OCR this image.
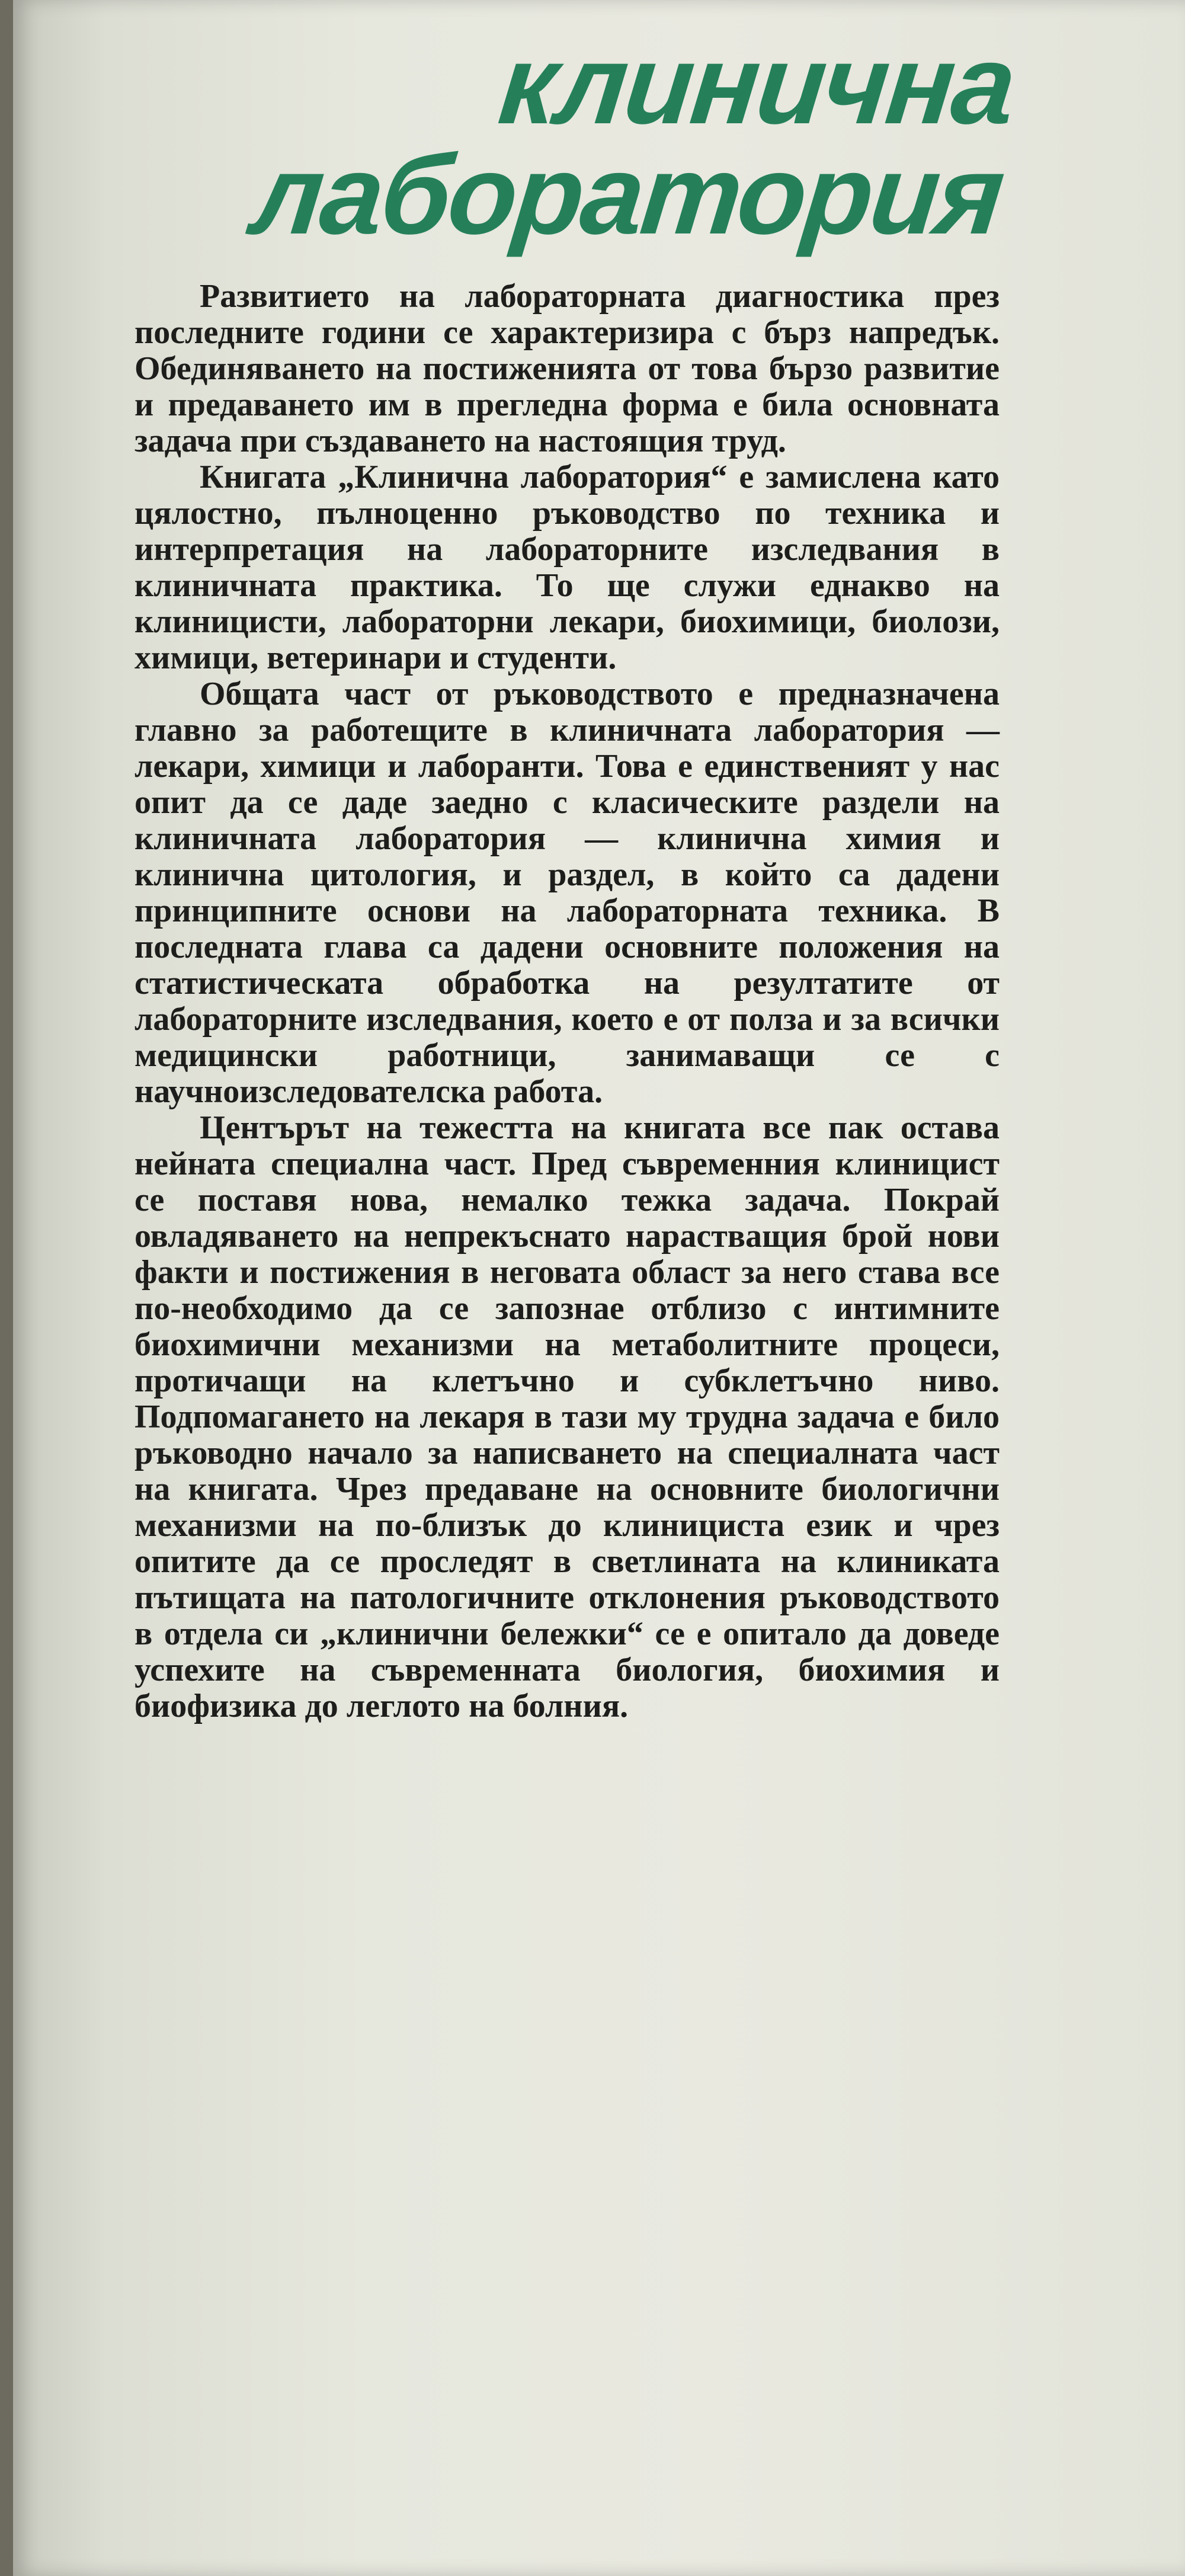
клинична
лаборатория

Развитието на лабораторната диагностика през последните години се характеризира с бърз напредък. Обединяването на постиженията от това бързо развитие и предаването им в прегледна форма е била основната задача при създаването на настоящия труд.

Книгата „Клинична лаборатория“ е замислена като цялостно, пълноценно ръководство по техника и интерпретация на лабораторните изследвания в клиничната практика. То ще служи еднакво на клиницисти, лабораторни лекари, биохимици, биолози, химици, ветеринари и студенти.

Общата част от ръководството е предназначена главно за работещите в клиничната лаборатория — лекари, химици и лаборанти. Това е единственият у нас опит да се даде заедно с класическите раздели на клиничната лаборатория — клинична химия и клинична цитология, и раздел, в който са дадени принципните основи на лабораторната техника. В последната глава са дадени основните положения на статистическата обработка на резултатите от лабораторните изследвания, което е от полза и за всички медицински работници, занимаващи се с научноизследователска работа.

Центърът на тежестта на книгата все пак остава нейната специална част. Пред съвременния клиницист се поставя нова, немалко тежка задача. Покрай овладяването на непрекъснато нарастващия брой нови факти и постижения в неговата област за него става все по-необходимо да се запознае отблизо с интимните биохимични механизми на метаболитните процеси, протичащи на клетъчно и субклетъчно ниво. Подпомагането на лекаря в тази му трудна задача е било ръководно начало за написването на специалната част на книгата. Чрез предаване на основните биологични механизми на по-близък до клинициста език и чрез опитите да се проследят в светлината на клиниката пътищата на патологичните отклонения ръководството в отдела си „клинични бележки“ се е опитало да доведе успехите на съвременната биология, биохимия и биофизика до леглото на болния.
